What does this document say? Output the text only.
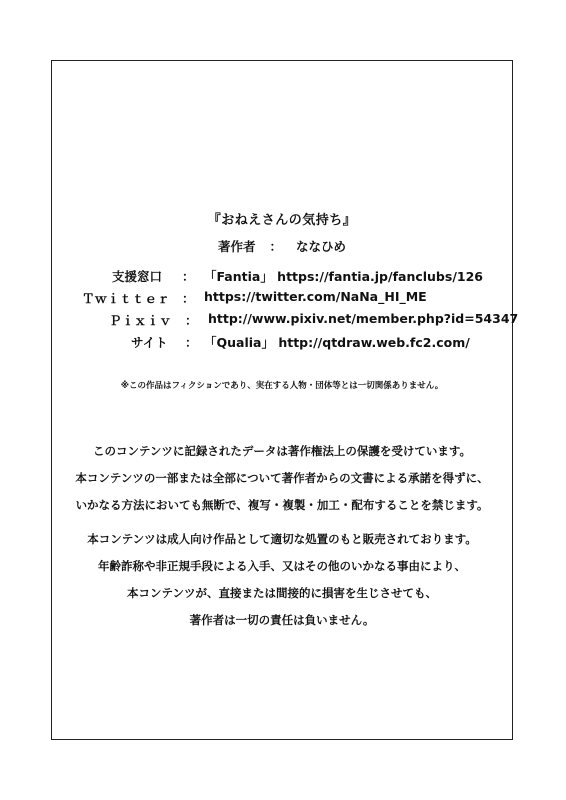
『おねえさんの気持ち』
著作者 ： ななひめ
支援窓口 ： 「Fantia」 https://fantia.jp/fanclubs/126
Ｔｗｉｔｔｅｒ ： https://twitter.com/NaNa_HI_ME
Ｐｉｘｉｖ ： http://www.pixiv.net/member.php?id=54347
サイト ： 「Qualia」 http://qtdraw.web.fc2.com/
※この作品はフィクションであり、実在する人物・団体等とは一切関係ありません。
このコンテンツに記録されたデータは著作権法上の保護を受けています。
本コンテンツの一部または全部について著作者からの文書による承諾を得ずに、
いかなる方法においても無断で、複写・複製・加工・配布することを禁じます。
本コンテンツは成人向け作品として適切な処置のもと販売されております。
年齢詐称や非正規手段による入手、又はその他のいかなる事由により、
本コンテンツが、直接または間接的に損害を生じさせても、
著作者は一切の責任は負いません。
